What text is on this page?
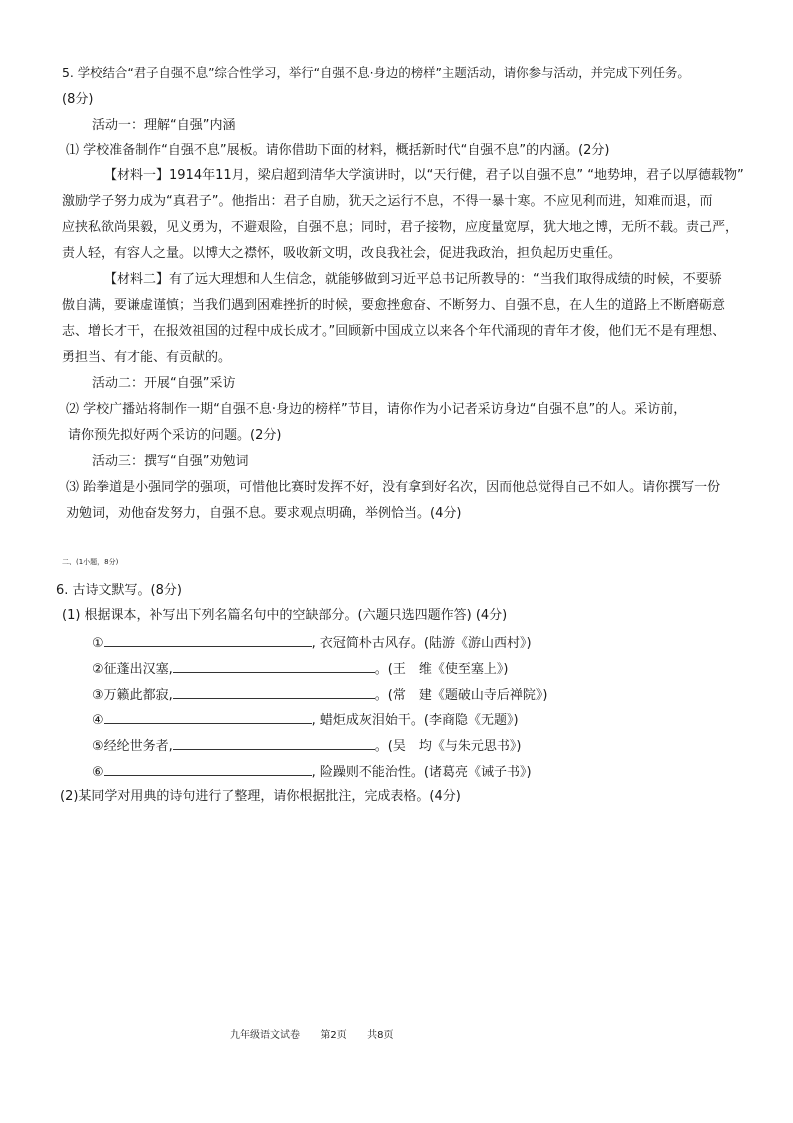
5. 学校结合“君子自强不息”综合性学习，举行“自强不息·身边的榜样”主题活动，请你参与活动，并完成下列任务。
(8分)
活动一：理解“自强”内涵
⑴ 学校准备制作“自强不息”展板。请你借助下面的材料，概括新时代“自强不息”的内涵。(2分)
【材料一】1914年11月，梁启超到清华大学演讲时，以“天行健，君子以自强不息” “地势坤，君子以厚德载物”
激励学子努力成为“真君子”。他指出：君子自励，犹天之运行不息，不得一暴十寒。不应见利而进，知难而退，而
应挟私欲尚果毅，见义勇为，不避艰险，自强不息；同时，君子接物，应度量宽厚，犹大地之博，无所不载。责己严，
责人轻，有容人之量。以博大之襟怀，吸收新文明，改良我社会，促进我政治，担负起历史重任。
【材料二】有了远大理想和人生信念，就能够做到习近平总书记所教导的：“当我们取得成绩的时候，不要骄
傲自满，要谦虚谨慎；当我们遇到困难挫折的时候，要愈挫愈奋、不断努力、自强不息，在人生的道路上不断磨砺意
志、增长才干，在报效祖国的过程中成长成才。”回顾新中国成立以来各个年代涌现的青年才俊，他们无不是有理想、
勇担当、有才能、有贡献的。
活动二：开展“自强”采访
⑵ 学校广播站将制作一期“自强不息·身边的榜样”节目，请你作为小记者采访身边“自强不息”的人。采访前，
请你预先拟好两个采访的问题。(2分)
活动三：撰写“自强”劝勉词
⑶ 跆拳道是小强同学的强项，可惜他比赛时发挥不好，没有拿到好名次，因而他总觉得自己不如人。请你撰写一份
劝勉词，劝他奋发努力，自强不息。要求观点明确，举例恰当。(4分)
二、(1小题，8分)
6. 古诗文默写。(8分)
(1) 根据课本，补写出下列名篇名句中的空缺部分。(六题只选四题作答) (4分)
①	, 衣冠简朴古风存。(陆游《游山西村》)
②征蓬出汉塞,	。(王　维《使至塞上》)
③万籁此都寂,	。(常　建《题破山寺后禅院》)
④	, 蜡炬成灰泪始干。(李商隐《无题》)
⑤经纶世务者,	。(吴　均《与朱元思书》)
⑥	, 险躁则不能治性。(诸葛亮《诫子书》)
(2)某同学对用典的诗句进行了整理，请你根据批注，完成表格。(4分)
九年级语文试卷 第2页 共8页
